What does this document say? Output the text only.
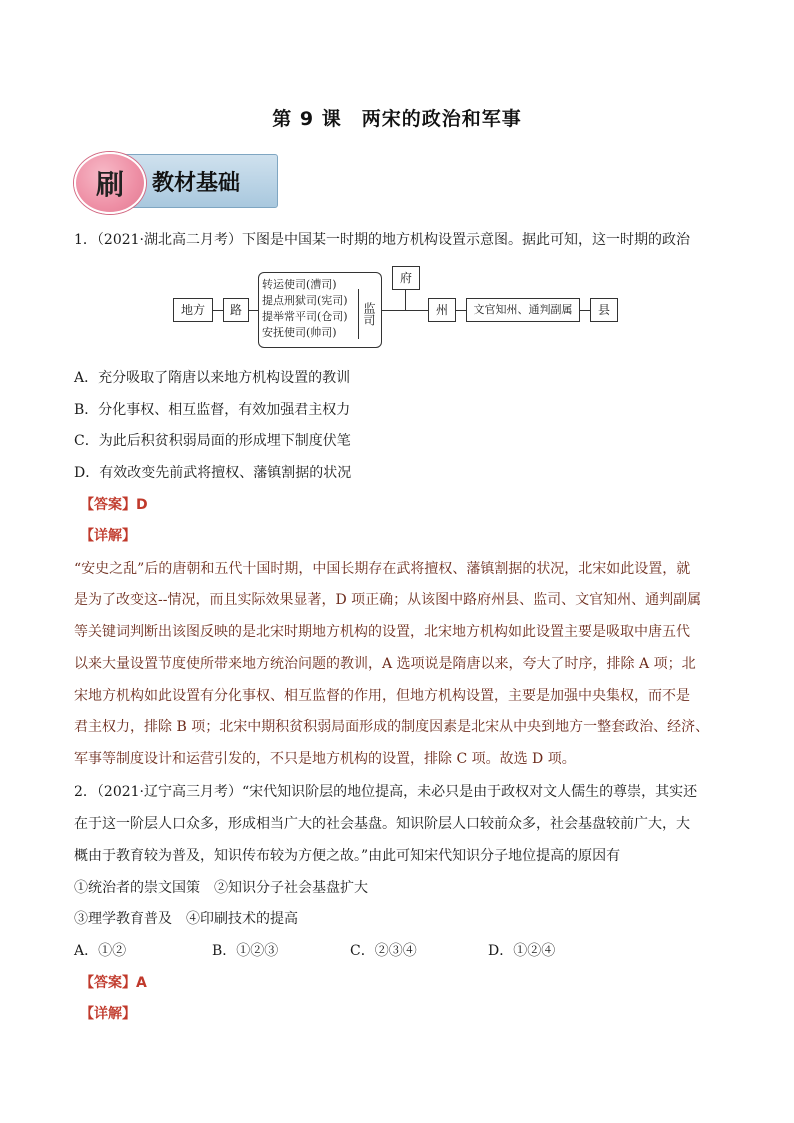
第 9 课　两宋的政治和军事
刷	教材基础
1．（2021·湖北高二月考）下图是中国某一时期的地方机构设置示意图。据此可知，这一时期的政治
地方	路
转运使司(漕司)
提点刑狱司(宪司)
提举常平司(仓司)
安抚使司(帅司)
监司
府
州	文官知州、通判副属	县
A．充分吸取了隋唐以来地方机构设置的教训
B．分化事权、相互监督，有效加强君主权力
C．为此后积贫积弱局面的形成埋下制度伏笔
D．有效改变先前武将擅权、藩镇割据的状况
【答案】D
【详解】
“安史之乱”后的唐朝和五代十国时期，中国长期存在武将擅权、藩镇割据的状况，北宋如此设置，就
是为了改变这--情况，而且实际效果显著，D 项正确；从该图中路府州县、监司、文官知州、通判副属
等关键词判断出该图反映的是北宋时期地方机构的设置，北宋地方机构如此设置主要是吸取中唐五代
以来大量设置节度使所带来地方统治问题的教训，A 选项说是隋唐以来，夸大了时序，排除 A 项；北
宋地方机构如此设置有分化事权、相互监督的作用，但地方机构设置，主要是加强中央集权，而不是
君主权力，排除 B 项；北宋中期积贫积弱局面形成的制度因素是北宋从中央到地方一整套政治、经济、
军事等制度设计和运营引发的，不只是地方机构的设置，排除 C 项。故选 D 项。
2．（2021·辽宁高三月考）“宋代知识阶层的地位提高，未必只是由于政权对文人儒生的尊崇，其实还
在于这一阶层人口众多，形成相当广大的社会基盘。知识阶层人口较前众多，社会基盘较前广大，大
概由于教育较为普及，知识传布较为方便之故。”由此可知宋代知识分子地位提高的原因有
①统治者的崇文国策　②知识分子社会基盘扩大
③理学教育普及　④印刷技术的提高
A．①②	B．①②③	C．②③④	D．①②④
【答案】A
【详解】
